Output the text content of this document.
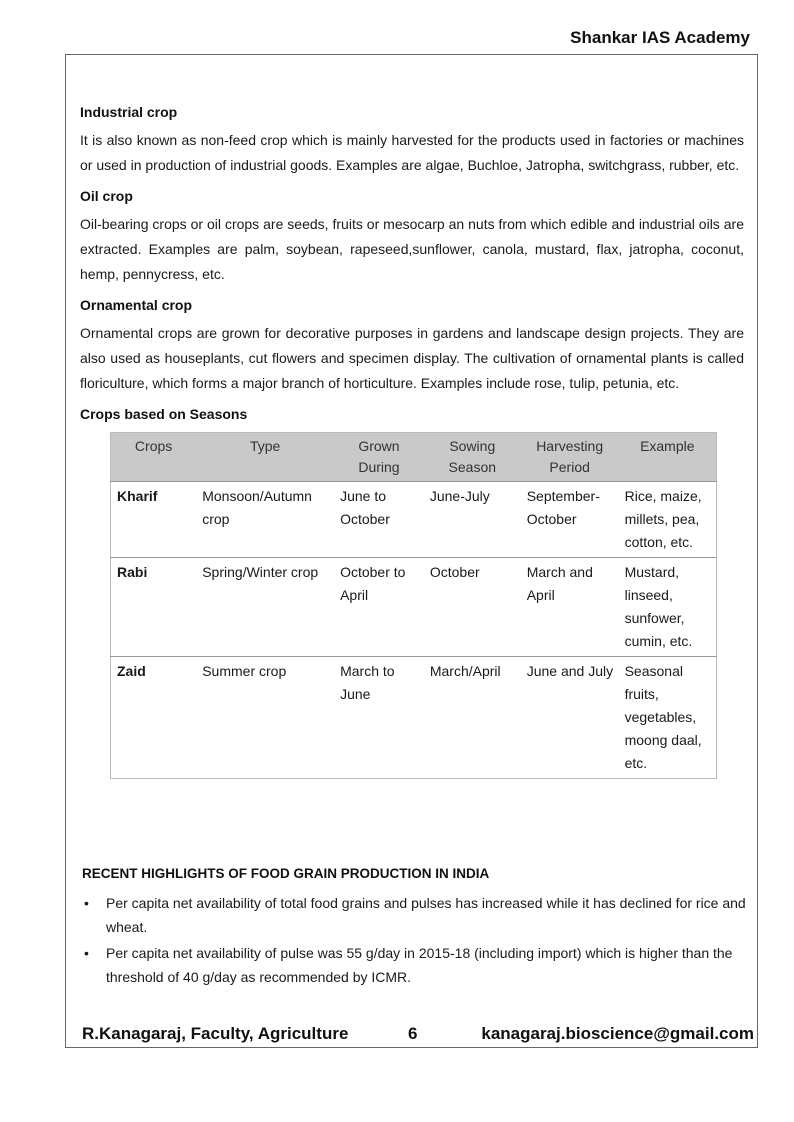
Shankar IAS Academy
Industrial crop

It is also known as non-feed crop which is mainly harvested for the products used in factories or machines or used in production of industrial goods. Examples are algae, Buchloe, Jatropha, switchgrass, rubber, etc.

Oil crop

Oil-bearing crops or oil crops are seeds, fruits or mesocarp an nuts from which edible and industrial oils are extracted. Examples are palm, soybean, rapeseed,sunflower, canola, mustard, flax, jatropha, coconut, hemp, pennycress, etc.

Ornamental crop

Ornamental crops are grown for decorative purposes in gardens and landscape design projects. They are also used as houseplants, cut flowers and specimen display. The cultivation of ornamental plants is called floriculture, which forms a major branch of horticulture. Examples include rose, tulip, petunia, etc.

Crops based on Seasons
Crops	Type	Grown During	Sowing Season	Harvesting Period	Example
Kharif	Monsoon/Autumn crop	June to October	June-July	September-October	Rice, maize, millets, pea, cotton, etc.
Rabi	Spring/Winter crop	October to April	October	March and April	Mustard, linseed, sunfower, cumin, etc.
Zaid	Summer crop	March to June	March/April	June and July	Seasonal fruits, vegetables, moong daal, etc.
RECENT HIGHLIGHTS OF FOOD GRAIN PRODUCTION IN INDIA
• Per capita net availability of total food grains and pulses has increased while it has declined for rice and wheat.
• Per capita net availability of pulse was 55 g/day in 2015-18 (including import) which is higher than the threshold of 40 g/day as recommended by ICMR.
R.Kanagaraj, Faculty, Agriculture	6	kanagaraj.bioscience@gmail.com
